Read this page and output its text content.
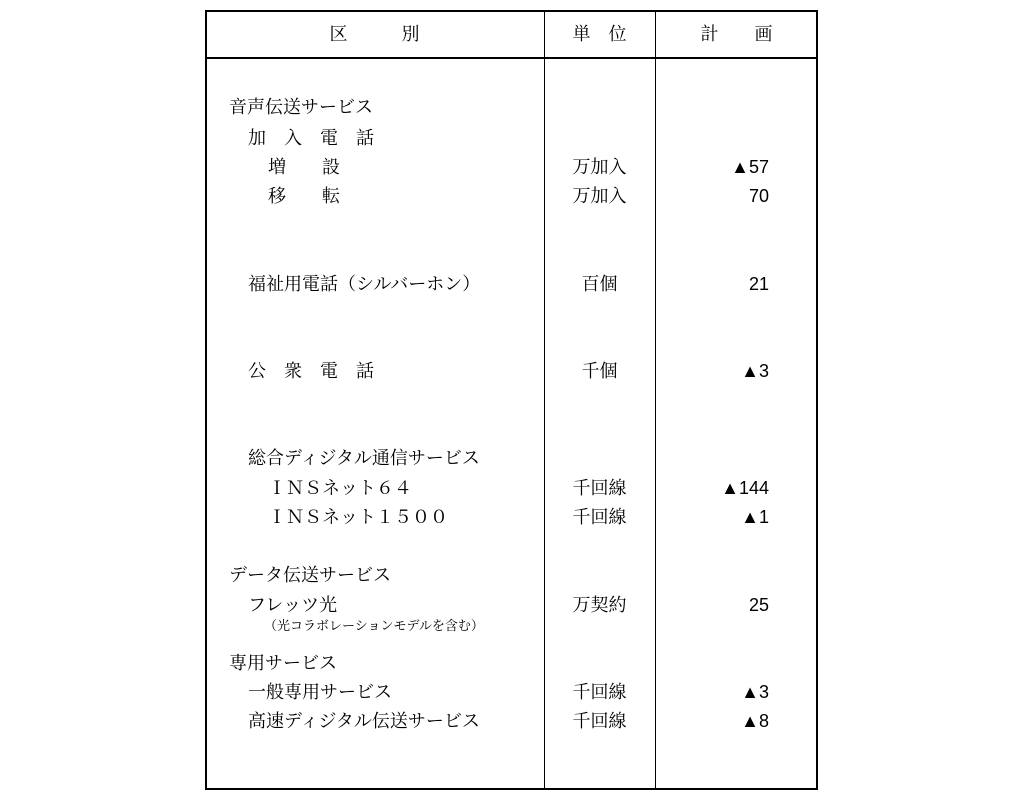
区　　　別	単　位	計　　画
音声伝送サービス
加　入　電　話
増　　設	万加入	▲57
移　　転	万加入	70
福祉用電話（シルバーホン）	百個	21
公　衆　電　話	千個	▲3
総合ディジタル通信サービス
ＩＮＳネット６４	千回線	▲144
ＩＮＳネット１５００	千回線	▲1
データ伝送サービス
フレッツ光	万契約	25
（光コラボレーションモデルを含む）
専用サービス
一般専用サービス	千回線	▲3
高速ディジタル伝送サービス	千回線	▲8
